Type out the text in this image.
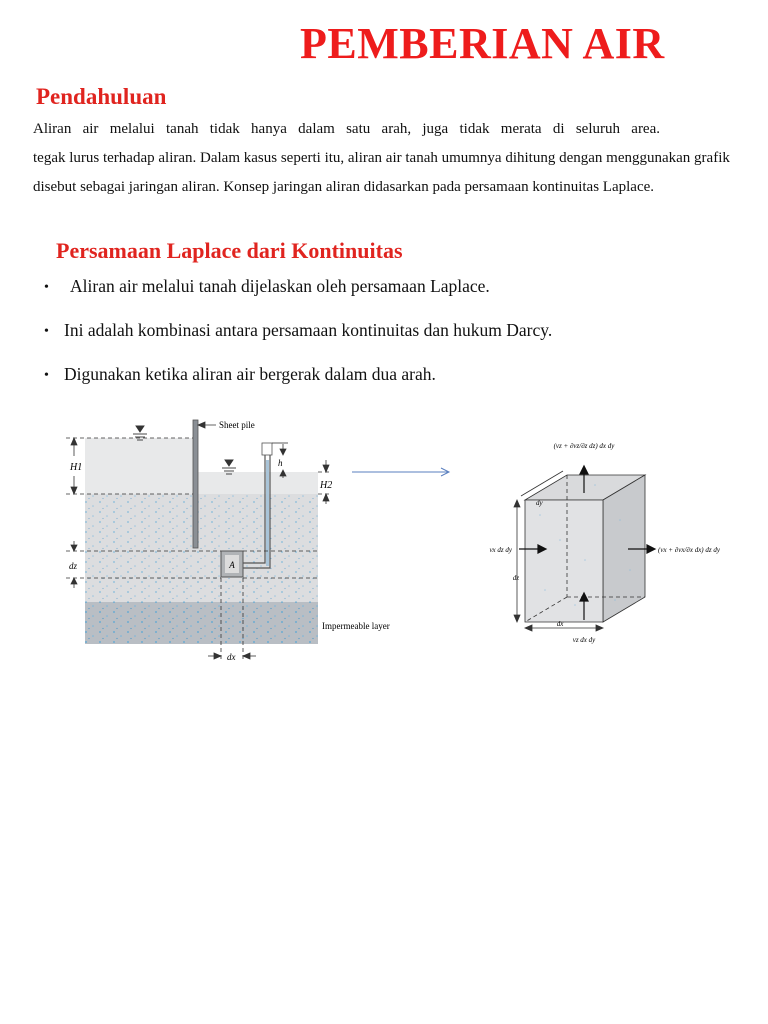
PEMBERIAN AIR
Pendahuluan

Aliran air melalui tanah tidak hanya dalam satu arah, juga tidak merata di seluruh area.

tegak lurus terhadap aliran. Dalam kasus seperti itu, aliran air tanah umumnya dihitung dengan menggunakan grafik

disebut sebagai jaringan aliran. Konsep jaringan aliran didasarkan pada persamaan kontinuitas Laplace.

Persamaan Laplace dari Kontinuitas
• Aliran air melalui tanah dijelaskan oleh persamaan Laplace.
• Ini adalah kombinasi antara persamaan kontinuitas dan hukum Darcy.
• Digunakan ketika aliran air bergerak dalam dua arah.
A
H1
H2
h
dz
dx
Sheet pile
Impermeable layer
dz
dx
dy
(vz + ∂vz/∂z dz) dx dy
vx dz dy	(vx + ∂vx/∂x dx) dz dy
vz dx dy
